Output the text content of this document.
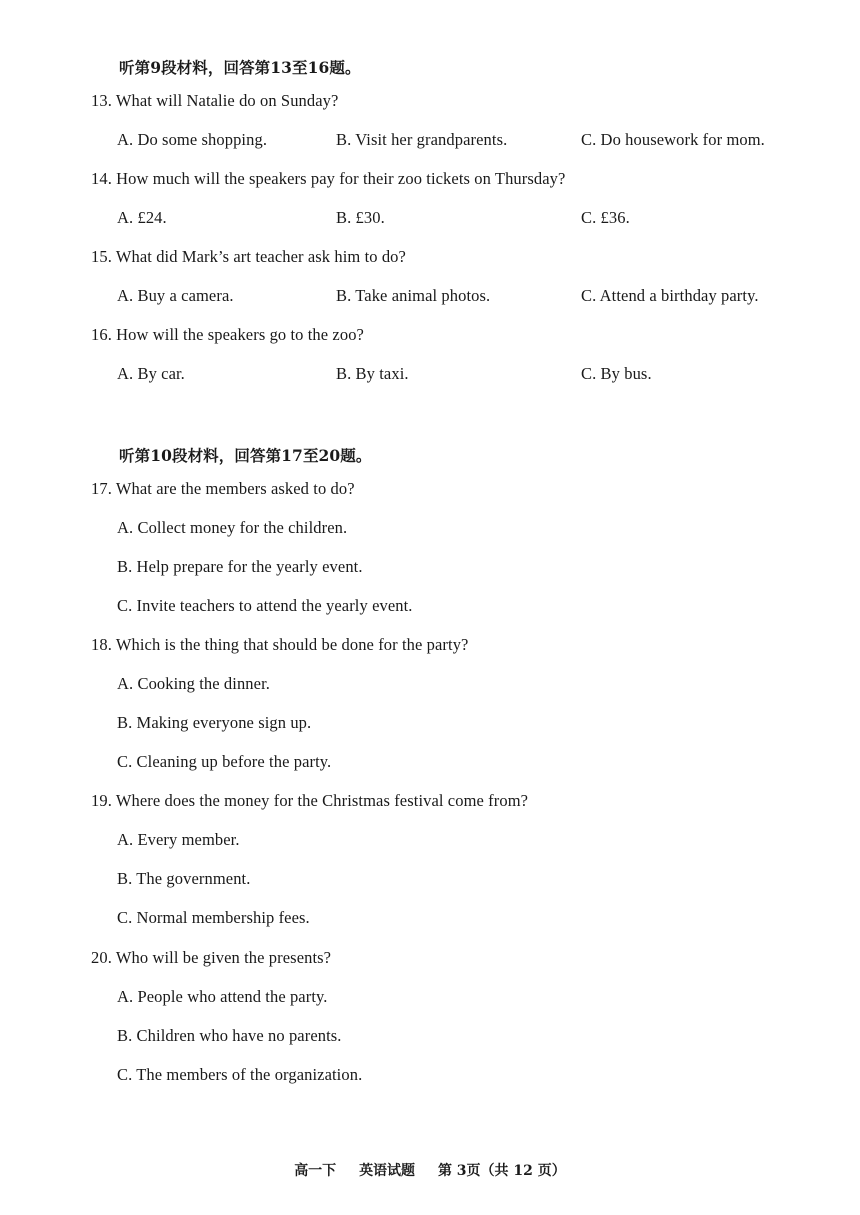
听第9段材料，回答第13至16题。
13. What will Natalie do on Sunday?
A. Do some shopping.	B. Visit her grandparents.	C. Do housework for mom.
14. How much will the speakers pay for their zoo tickets on Thursday?
A. £24.	B. £30.	C. £36.
15. What did Mark’s art teacher ask him to do?
A. Buy a camera.	B. Take animal photos.	C. Attend a birthday party.
16. How will the speakers go to the zoo?
A. By car.	B. By taxi.	C. By bus.
听第10段材料，回答第17至20题。
17. What are the members asked to do?
A. Collect money for the children.
B. Help prepare for the yearly event.
C. Invite teachers to attend the yearly event.
18. Which is the thing that should be done for the party?
A. Cooking the dinner.
B. Making everyone sign up.
C. Cleaning up before the party.
19. Where does the money for the Christmas festival come from?
A. Every member.
B. The government.
C. Normal membership fees.
20. Who will be given the presents?
A. People who attend the party.
B. Children who have no parents.
C. The members of the organization.
高一下 英语试题 第 3页（共 12 页）
